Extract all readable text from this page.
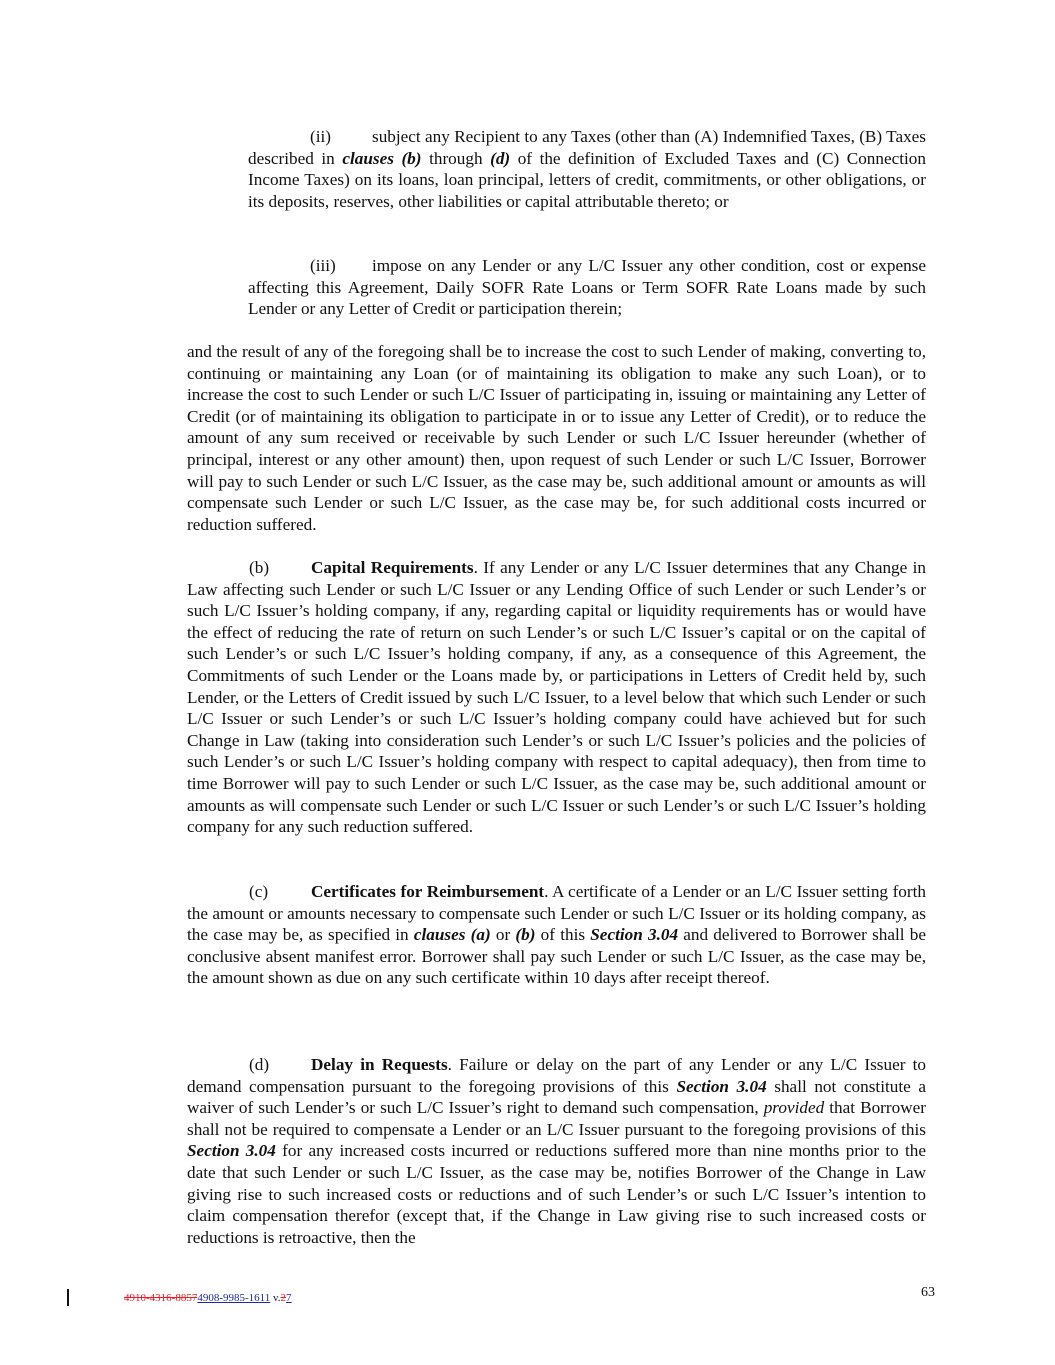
(ii) subject any Recipient to any Taxes (other than (A) Indemnified Taxes, (B) Taxes described in clauses (b) through (d) of the definition of Excluded Taxes and (C) Connection Income Taxes) on its loans, loan principal, letters of credit, commitments, or other obligations, or its deposits, reserves, other liabilities or capital attributable thereto; or

(iii) impose on any Lender or any L/C Issuer any other condition, cost or expense affecting this Agreement, Daily SOFR Rate Loans or Term SOFR Rate Loans made by such Lender or any Letter of Credit or participation therein;

and the result of any of the foregoing shall be to increase the cost to such Lender of making, converting to, continuing or maintaining any Loan (or of maintaining its obligation to make any such Loan), or to increase the cost to such Lender or such L/C Issuer of participating in, issuing or maintaining any Letter of Credit (or of maintaining its obligation to participate in or to issue any Letter of Credit), or to reduce the amount of any sum received or receivable by such Lender or such L/C Issuer hereunder (whether of principal, interest or any other amount) then, upon request of such Lender or such L/C Issuer, Borrower will pay to such Lender or such L/C Issuer, as the case may be, such additional amount or amounts as will compensate such Lender or such L/C Issuer, as the case may be, for such additional costs incurred or reduction suffered.

(b) Capital Requirements. If any Lender or any L/C Issuer determines that any Change in Law affecting such Lender or such L/C Issuer or any Lending Office of such Lender or such Lender’s or such L/C Issuer’s holding company, if any, regarding capital or liquidity requirements has or would have the effect of reducing the rate of return on such Lender’s or such L/C Issuer’s capital or on the capital of such Lender’s or such L/C Issuer’s holding company, if any, as a consequence of this Agreement, the Commitments of such Lender or the Loans made by, or participations in Letters of Credit held by, such Lender, or the Letters of Credit issued by such L/C Issuer, to a level below that which such Lender or such L/C Issuer or such Lender’s or such L/C Issuer’s holding company could have achieved but for such Change in Law (taking into consideration such Lender’s or such L/C Issuer’s policies and the policies of such Lender’s or such L/C Issuer’s holding company with respect to capital adequacy), then from time to time Borrower will pay to such Lender or such L/C Issuer, as the case may be, such additional amount or amounts as will compensate such Lender or such L/C Issuer or such Lender’s or such L/C Issuer’s holding company for any such reduction suffered.

(c) Certificates for Reimbursement. A certificate of a Lender or an L/C Issuer setting forth the amount or amounts necessary to compensate such Lender or such L/C Issuer or its holding company, as the case may be, as specified in clauses (a) or (b) of this Section 3.04 and delivered to Borrower shall be conclusive absent manifest error. Borrower shall pay such Lender or such L/C Issuer, as the case may be, the amount shown as due on any such certificate within 10 days after receipt thereof.

(d) Delay in Requests. Failure or delay on the part of any Lender or any L/C Issuer to demand compensation pursuant to the foregoing provisions of this Section 3.04 shall not constitute a waiver of such Lender’s or such L/C Issuer’s right to demand such compensation, provided that Borrower shall not be required to compensate a Lender or an L/C Issuer pursuant to the foregoing provisions of this Section 3.04 for any increased costs incurred or reductions suffered more than nine months prior to the date that such Lender or such L/C Issuer, as the case may be, notifies Borrower of the Change in Law giving rise to such increased costs or reductions and of such Lender’s or such L/C Issuer’s intention to claim compensation therefor (except that, if the Change in Law giving rise to such increased costs or reductions is retroactive, then the

4910-4316-88574908-9985-1611 v.27	63
